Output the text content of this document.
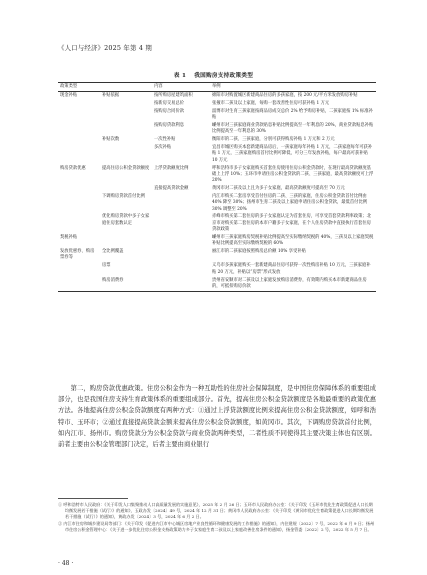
《人口与经济》2025 年第 4 期
表 1 我国购房支持政策类型
政策类型		内容	举例
现金补贴	补贴依据	按所购房屋建筑面积	绵阳市对购置城区新建商品住房的多孩家庭，按 200 元/平方米发放购房补贴
		按新房交易总价	张掖市二孩及以上家庭，每购一套改善性住房可获补贴 1 万元
		按购房合同价款	淄博市对生育三孩家庭按商品房成交总价 2% 给予购房补贴，二孩家庭按 1% 标准补贴
		按购房贷款利息	嵊州市对三孩家庭商业贷款贴息补贴比例提高至一年利息的 20%，商业贷款贴息补贴比例提高至一年利息的 30%
	补贴次数	一次性补贴	衡阳市的二孩、三孩家庭，分别可获得购房补贴 1 万元和 2 万元
		多次补贴	宜昌市城区购买本套新建商品房后，一孩家庭每年补贴 1 万元，二孩家庭每年可获补贴 1 万元，三孩家庭购房首付比例可降低，可分三年发放补贴，每户最高可获补贴 10 万元
购房贷款优惠	提高住房公积金贷款额度	上浮贷款额度比例	呼和浩特市多子女家庭购买首套住房使用住房公积金贷款时，在现行最高贷款额度基础上上浮 10%；玉环市申请住房公积金贷款的二孩、三孩家庭，最高贷款额度可上浮 20%
		直接提高贷款金额	黄冈市对二孩及以上且为多子女家庭，最高贷款额度可提高至 70 万元
	下调购房贷款首付比例		内江市购买二套房享受首付住房的二孩、三孩的家庭，住房公积金贷款首付比例由 40% 降至 30%；扬州市生育二孩及以上家庭申请住房公积金贷款，最低首付比例 30% 调整至 20%
	优化购房贷款中多子女家庭住房套数认定		赤峰市购买第二套住房的多子女家庭认定为首套住房，可享受首套贷款利率政策；北京市对购买第二套住房的本市户籍多子女家庭，在个人住房贷款中直接执行首套住房贷款政策
契税补贴			嵊州市三孩家庭购房契税补贴比例提高至实际缴纳契税的 40%，三孩及以上家庭契税补贴比例提高至实际缴纳契税的 60%
发放优惠券、购房票券等	全比例覆盖		丽江市的二孩家庭按照购房总价额 10% 享受补贴
	房票		义乌市多孩家庭购买一套新建商品住房可获得一次性购房补贴 10 万元，三孩家庭补贴 20 万元，补贴以“房票”形式发放
	购房消费券		贵州省安顺市对二孩及以上家庭发放购房消费券，有效期内购买本市新建商品住房的，可抵扣购房价款

第二，购房贷款优惠政策。住房公积金作为一种互助性的住房社会保障制度，是中国住房保障体系的重要组成部分，也是我国住房支持生育政策体系的重要组成部分。首先，提高住房公积金贷款额度是各地最重要的政策优惠方法。各地提高住房公积金贷款额度有两种方式：①通过上浮贷款额度比例来提高住房公积金贷款额度，如呼和浩特市、玉环市；②通过直接提高贷款金额来提高住房公积金贷款额度，如黄冈市。其次，下调购房贷款首付比例，如内江市、扬州市。购房贷款分为公积金贷款与商业贷款两种类型，二者性质不同使得其主要决策主体也有区别。前者主要由公积金管理部门决定，后者主要由商业银行

① 呼和浩特市人民政府：《关于印发人口集聚推动人口高质量发展的实施意见》，2025 年 2 月 26 日；玉环市人民政府办公室：《关于印发《玉环市优化生育政策促进人口长期均衡发展若干措施（试行）》的通知》，玉政办发〔2024〕49 号，2024 年 12 月 31 日；黄冈市人民政府办公室：《关于印发《黄冈市优化生育政策促进人口长期均衡发展若干措施（试行）》的通知》，黄政办发〔2024〕3 号，2024 年 6 月 2 日。

② 内江市住房和城乡建设局等部门：《关于印发《促进内江市中心城区房地产业良性循环和健康发展的工作措施》的通知》，内住建规〔2022〕7 号，2022 年 6 月 9 日；扬州市住房公积金管理中心：《关于进一步优化住房公积金支持政策助力多子女家庭生育二孩及以上家庭改善住房条件的通知》，扬金管委〔2022〕2 号，2022 年 5 月 7 日。

· 48 ·
